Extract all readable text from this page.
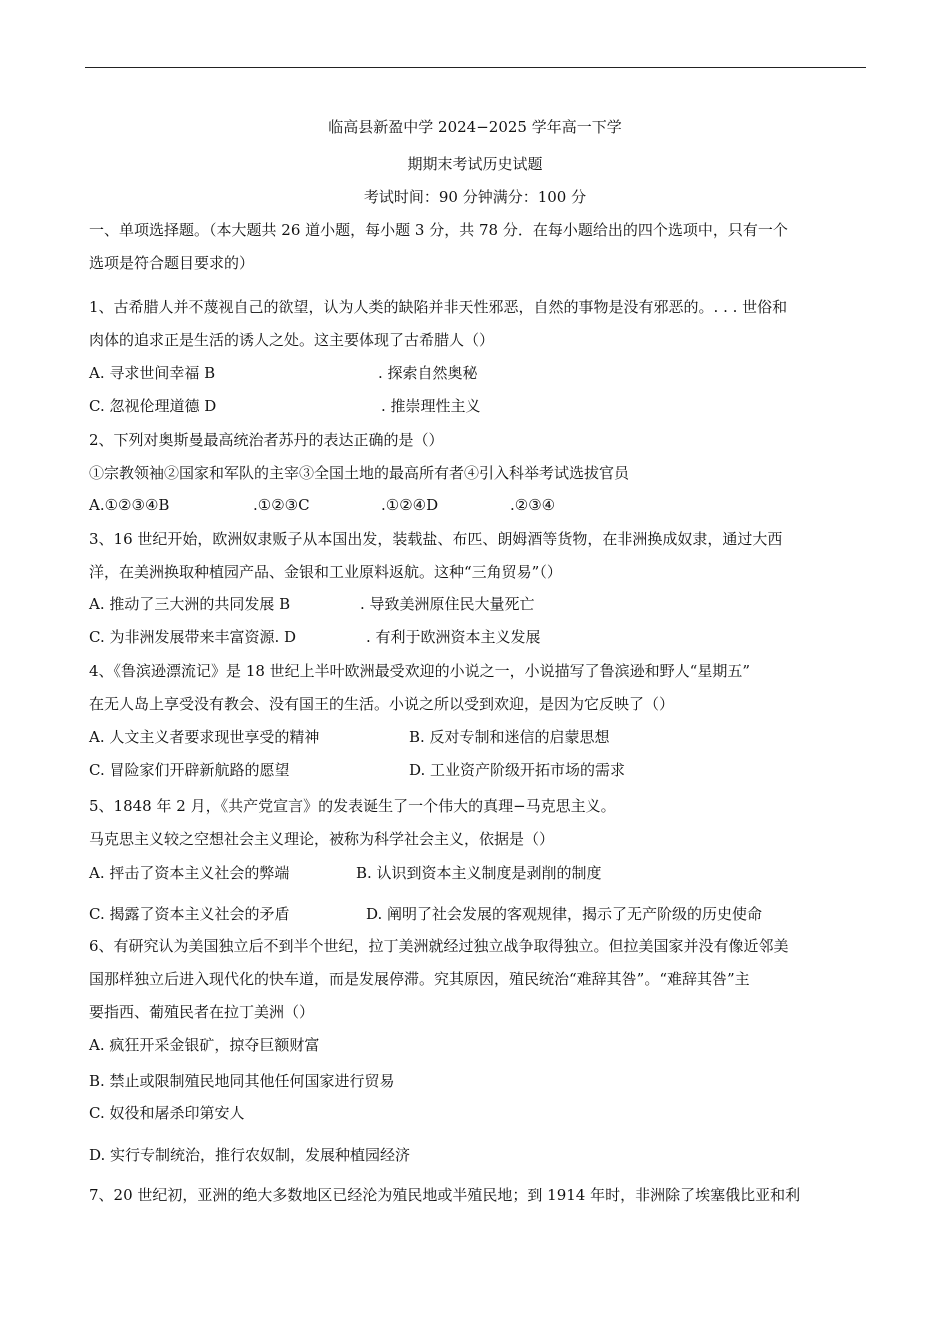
临高县新盈中学 2024−2025 学年高一下学
期期末考试历史试题
考试时间：90 分钟满分：100 分
一、单项选择题。（本大题共 26 道小题，每小题 3 分，共 78 分．在每小题给出的四个选项中，只有一个
选项是符合题目要求的）
1、古希腊人并不蔑视自己的欲望，认为人类的缺陷并非天性邪恶，自然的事物是没有邪恶的。. . . 世俗和
肉体的追求正是生活的诱人之处。这主要体现了古希腊人（）
A. 寻求世间幸福 B	. 探索自然奥秘
C. 忽视伦理道德 D	. 推崇理性主义
2、下列对奥斯曼最高统治者苏丹的表达正确的是（）
①宗教领袖②国家和军队的主宰③全国土地的最高所有者④引入科举考试选拔官员
A.①②③④B	.①②③C	.①②④D	.②③④
3、16 世纪开始，欧洲奴隶贩子从本国出发，装载盐、布匹、朗姆酒等货物，在非洲换成奴隶，通过大西
洋，在美洲换取种植园产品、金银和工业原料返航。这种“三角贸易”（）
A. 推动了三大洲的共同发展 B	. 导致美洲原住民大量死亡
C. 为非洲发展带来丰富资源. D	. 有利于欧洲资本主义发展
4、《鲁滨逊漂流记》是 18 世纪上半叶欧洲最受欢迎的小说之一，小说描写了鲁滨逊和野人“星期五”
在无人岛上享受没有教会、没有国王的生活。小说之所以受到欢迎，是因为它反映了（）
A. 人文主义者要求现世享受的精神	B. 反对专制和迷信的启蒙思想
C. 冒险家们开辟新航路的愿望	D. 工业资产阶级开拓市场的需求
5、1848 年 2 月，《共产党宣言》的发表诞生了一个伟大的真理−马克思主义。
马克思主义较之空想社会主义理论，被称为科学社会主义，依据是（）
A. 抨击了资本主义社会的弊端	B. 认识到资本主义制度是剥削的制度
C. 揭露了资本主义社会的矛盾	D. 阐明了社会发展的客观规律，揭示了无产阶级的历史使命
6、有研究认为美国独立后不到半个世纪，拉丁美洲就经过独立战争取得独立。但拉美国家并没有像近邻美
国那样独立后进入现代化的快车道，而是发展停滞。究其原因，殖民统治“难辞其咎”。“难辞其咎”主
要指西、葡殖民者在拉丁美洲（）
A. 疯狂开采金银矿，掠夺巨额财富
B. 禁止或限制殖民地同其他任何国家进行贸易
C. 奴役和屠杀印第安人
D. 实行专制统治，推行农奴制，发展种植园经济
7、20 世纪初，亚洲的绝大多数地区已经沦为殖民地或半殖民地；到 1914 年时，非洲除了埃塞俄比亚和利
